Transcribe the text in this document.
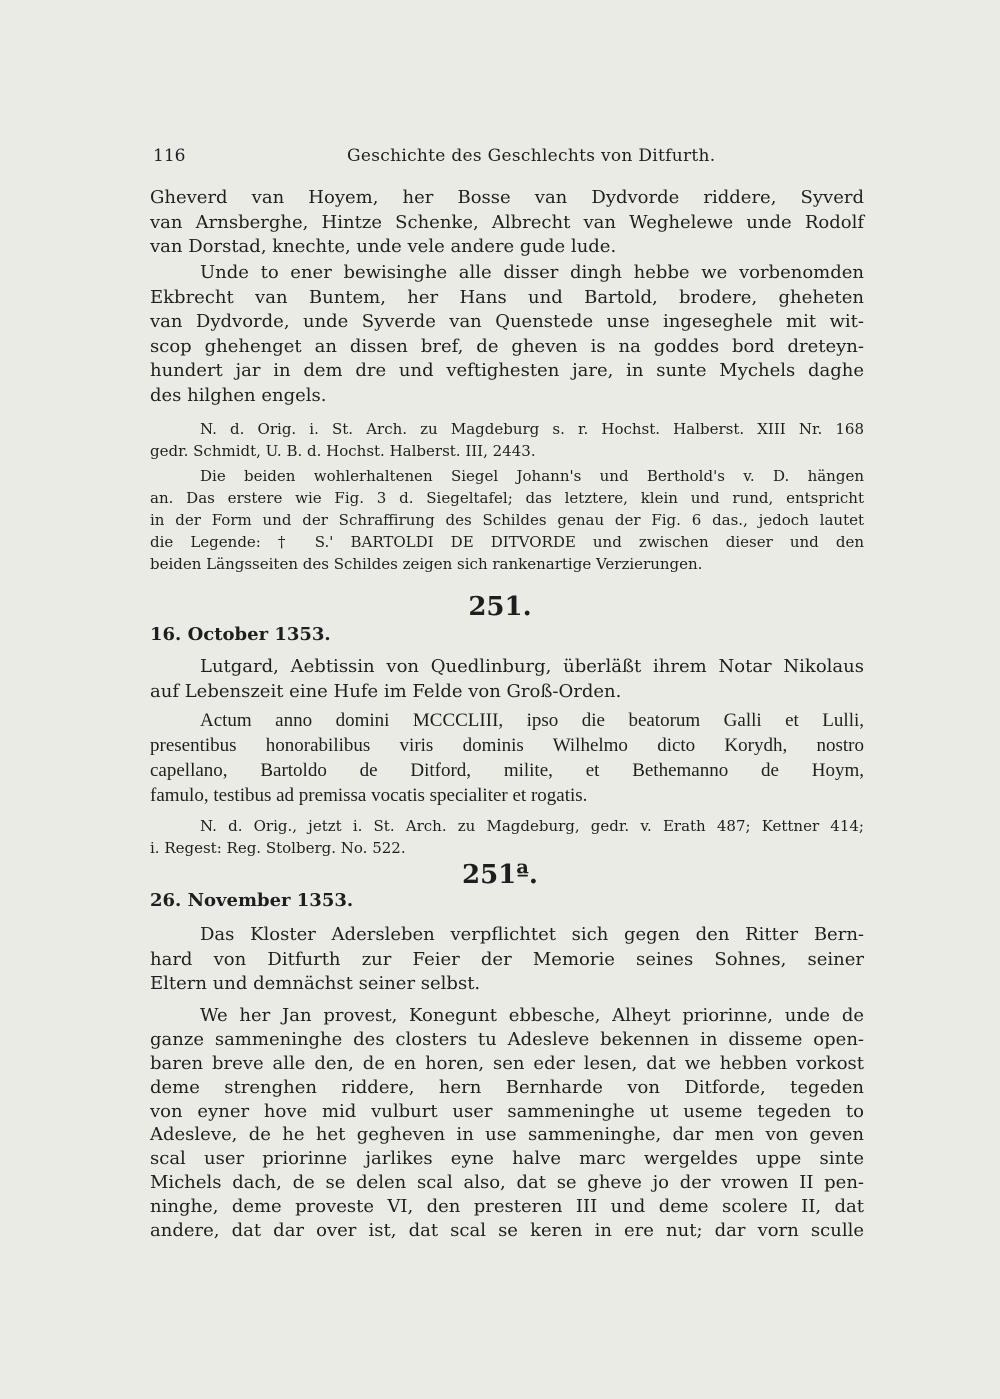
116	Geschichte des Geschlechts von Ditfurth.
Gheverd van Hoyem, her Bosse van Dydvorde riddere, Syverd
van Arnsberghe, Hintze Schenke, Albrecht van Weghelewe unde Rodolf
van Dorstad, knechte, unde vele andere gude lude.
Unde to ener bewisinghe alle disser dingh hebbe we vorbenomden
Ekbrecht van Buntem, her Hans und Bartold, brodere, gheheten
van Dydvorde, unde Syverde van Quenstede unse ingeseghele mit wit-
scop ghehenget an dissen bref, de gheven is na goddes bord dreteyn-
hundert jar in dem dre und veftighesten jare, in sunte Mychels daghe
des hilghen engels.
N. d. Orig. i. St. Arch. zu Magdeburg s. r. Hochst. Halberst. XIII Nr. 168
gedr. Schmidt, U. B. d. Hochst. Halberst. III, 2443.
Die beiden wohlerhaltenen Siegel Johann's und Berthold's v. D. hängen
an. Das erstere wie Fig. 3 d. Siegeltafel; das letztere, klein und rund, entspricht
in der Form und der Schraffirung des Schildes genau der Fig. 6 das., jedoch lautet
die Legende: † S.' BARTOLDI DE DITVORDE und zwischen dieser und den
beiden Längsseiten des Schildes zeigen sich rankenartige Verzierungen.
251.
16. October 1353.
Lutgard, Aebtissin von Quedlinburg, überläßt ihrem Notar Nikolaus
auf Lebenszeit eine Hufe im Felde von Groß-Orden.
Actum anno domini MCCCLIII, ipso die beatorum Galli et Lulli,
presentibus honorabilibus viris dominis Wilhelmo dicto Korydh, nostro
capellano, Bartoldo de Ditford, milite, et Bethemanno de Hoym,
famulo, testibus ad premissa vocatis specialiter et rogatis.
N. d. Orig., jetzt i. St. Arch. zu Magdeburg, gedr. v. Erath 487; Kettner 414;
i. Regest: Reg. Stolberg. No. 522.
251ª.
26. November 1353.
Das Kloster Adersleben verpflichtet sich gegen den Ritter Bern-
hard von Ditfurth zur Feier der Memorie seines Sohnes, seiner
Eltern und demnächst seiner selbst.
We her Jan provest, Konegunt ebbesche, Alheyt priorinne, unde de
ganze sammeninghe des closters tu Adesleve bekennen in disseme open-
baren breve alle den, de en horen, sen eder lesen, dat we hebben vorkost
deme strenghen riddere, hern Bernharde von Ditforde, tegeden
von eyner hove mid vulburt user sammeninghe ut useme tegeden to
Adesleve, de he het gegheven in use sammeninghe, dar men von geven
scal user priorinne jarlikes eyne halve marc wergeldes uppe sinte
Michels dach, de se delen scal also, dat se gheve jo der vrowen II pen-
ninghe, deme proveste VI, den presteren III und deme scolere II, dat
andere, dat dar over ist, dat scal se keren in ere nut; dar vorn sculle
